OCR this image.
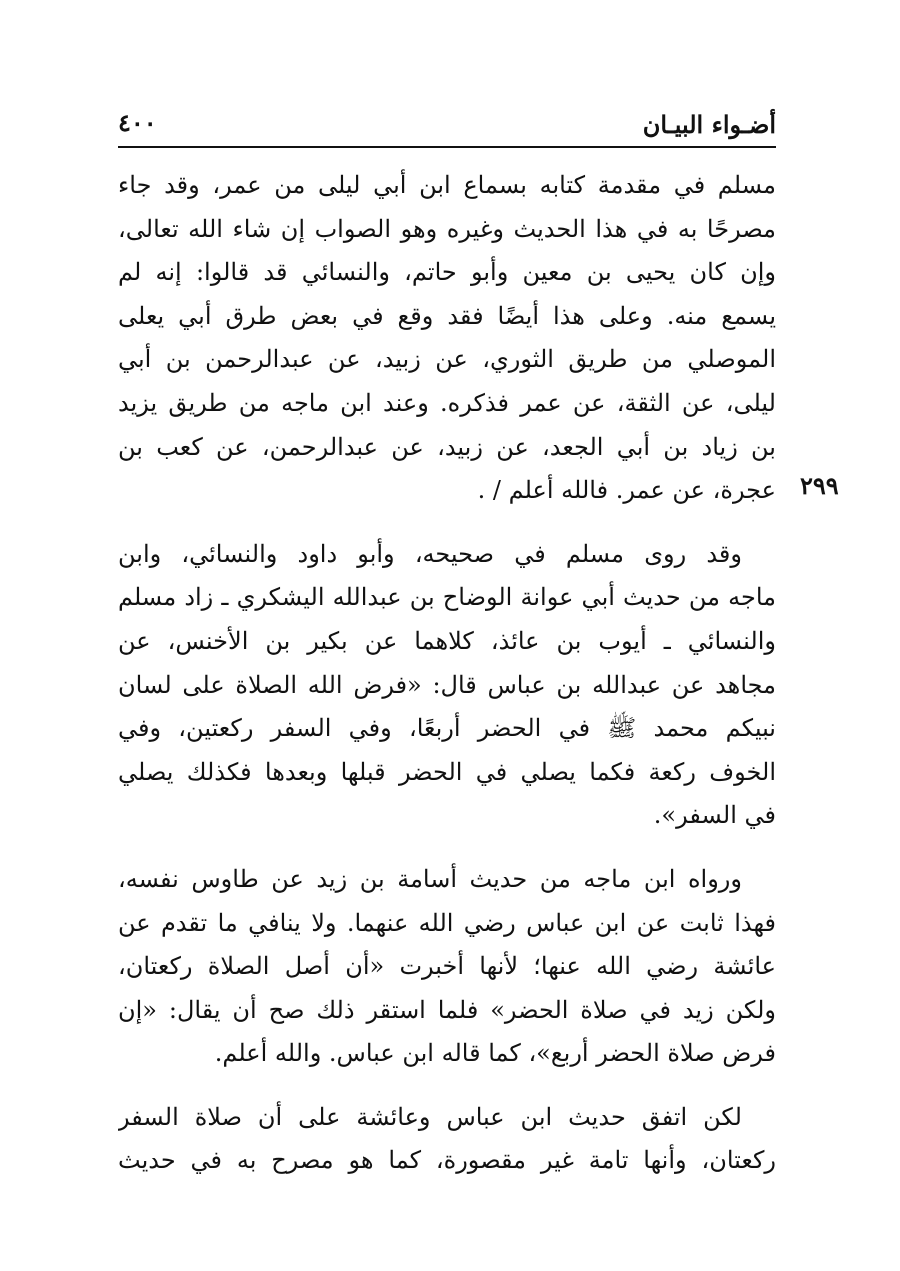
أضـواء البيـان
٤٠٠
٢٩٩
مسلم في مقدمة كتابه بسماع ابن أبي ليلى من عمر، وقد جاء
مصرحًا به في هذا الحديث وغيره وهو الصواب إن شاء الله تعالى،
وإن كان يحيى بن معين وأبو حاتم، والنسائي قد قالوا: إنه لم
يسمع منه. وعلى هذا أيضًا فقد وقع في بعض طرق أبي يعلى
الموصلي من طريق الثوري، عن زبيد، عن عبدالرحمن بن أبي
ليلى، عن الثقة، عن عمر فذكره. وعند ابن ماجه من طريق يزيد
بن زياد بن أبي الجعد، عن زبيد، عن عبدالرحمن، عن كعب بن
عجرة، عن عمر. فالله أعلم / .
وقد روى مسلم في صحيحه، وأبو داود والنسائي، وابن
ماجه من حديث أبي عوانة الوضاح بن عبدالله اليشكري ـ زاد مسلم
والنسائي ـ أيوب بن عائذ، كلاهما عن بكير بن الأخنس، عن
مجاهد عن عبدالله بن عباس قال: «فرض الله الصلاة على لسان
نبيكم محمد ﷺ في الحضر أربعًا، وفي السفر ركعتين، وفي
الخوف ركعة فكما يصلي في الحضر قبلها وبعدها فكذلك يصلي
في السفر».
ورواه ابن ماجه من حديث أسامة بن زيد عن طاوس نفسه،
فهذا ثابت عن ابن عباس رضي الله عنهما. ولا ينافي ما تقدم عن
عائشة رضي الله عنها؛ لأنها أخبرت «أن أصل الصلاة ركعتان،
ولكن زيد في صلاة الحضر» فلما استقر ذلك صح أن يقال: «إن
فرض صلاة الحضر أربع»، كما قاله ابن عباس. والله أعلم.
لكن اتفق حديث ابن عباس وعائشة على أن صلاة السفر
ركعتان، وأنها تامة غير مقصورة، كما هو مصرح به في حديث
